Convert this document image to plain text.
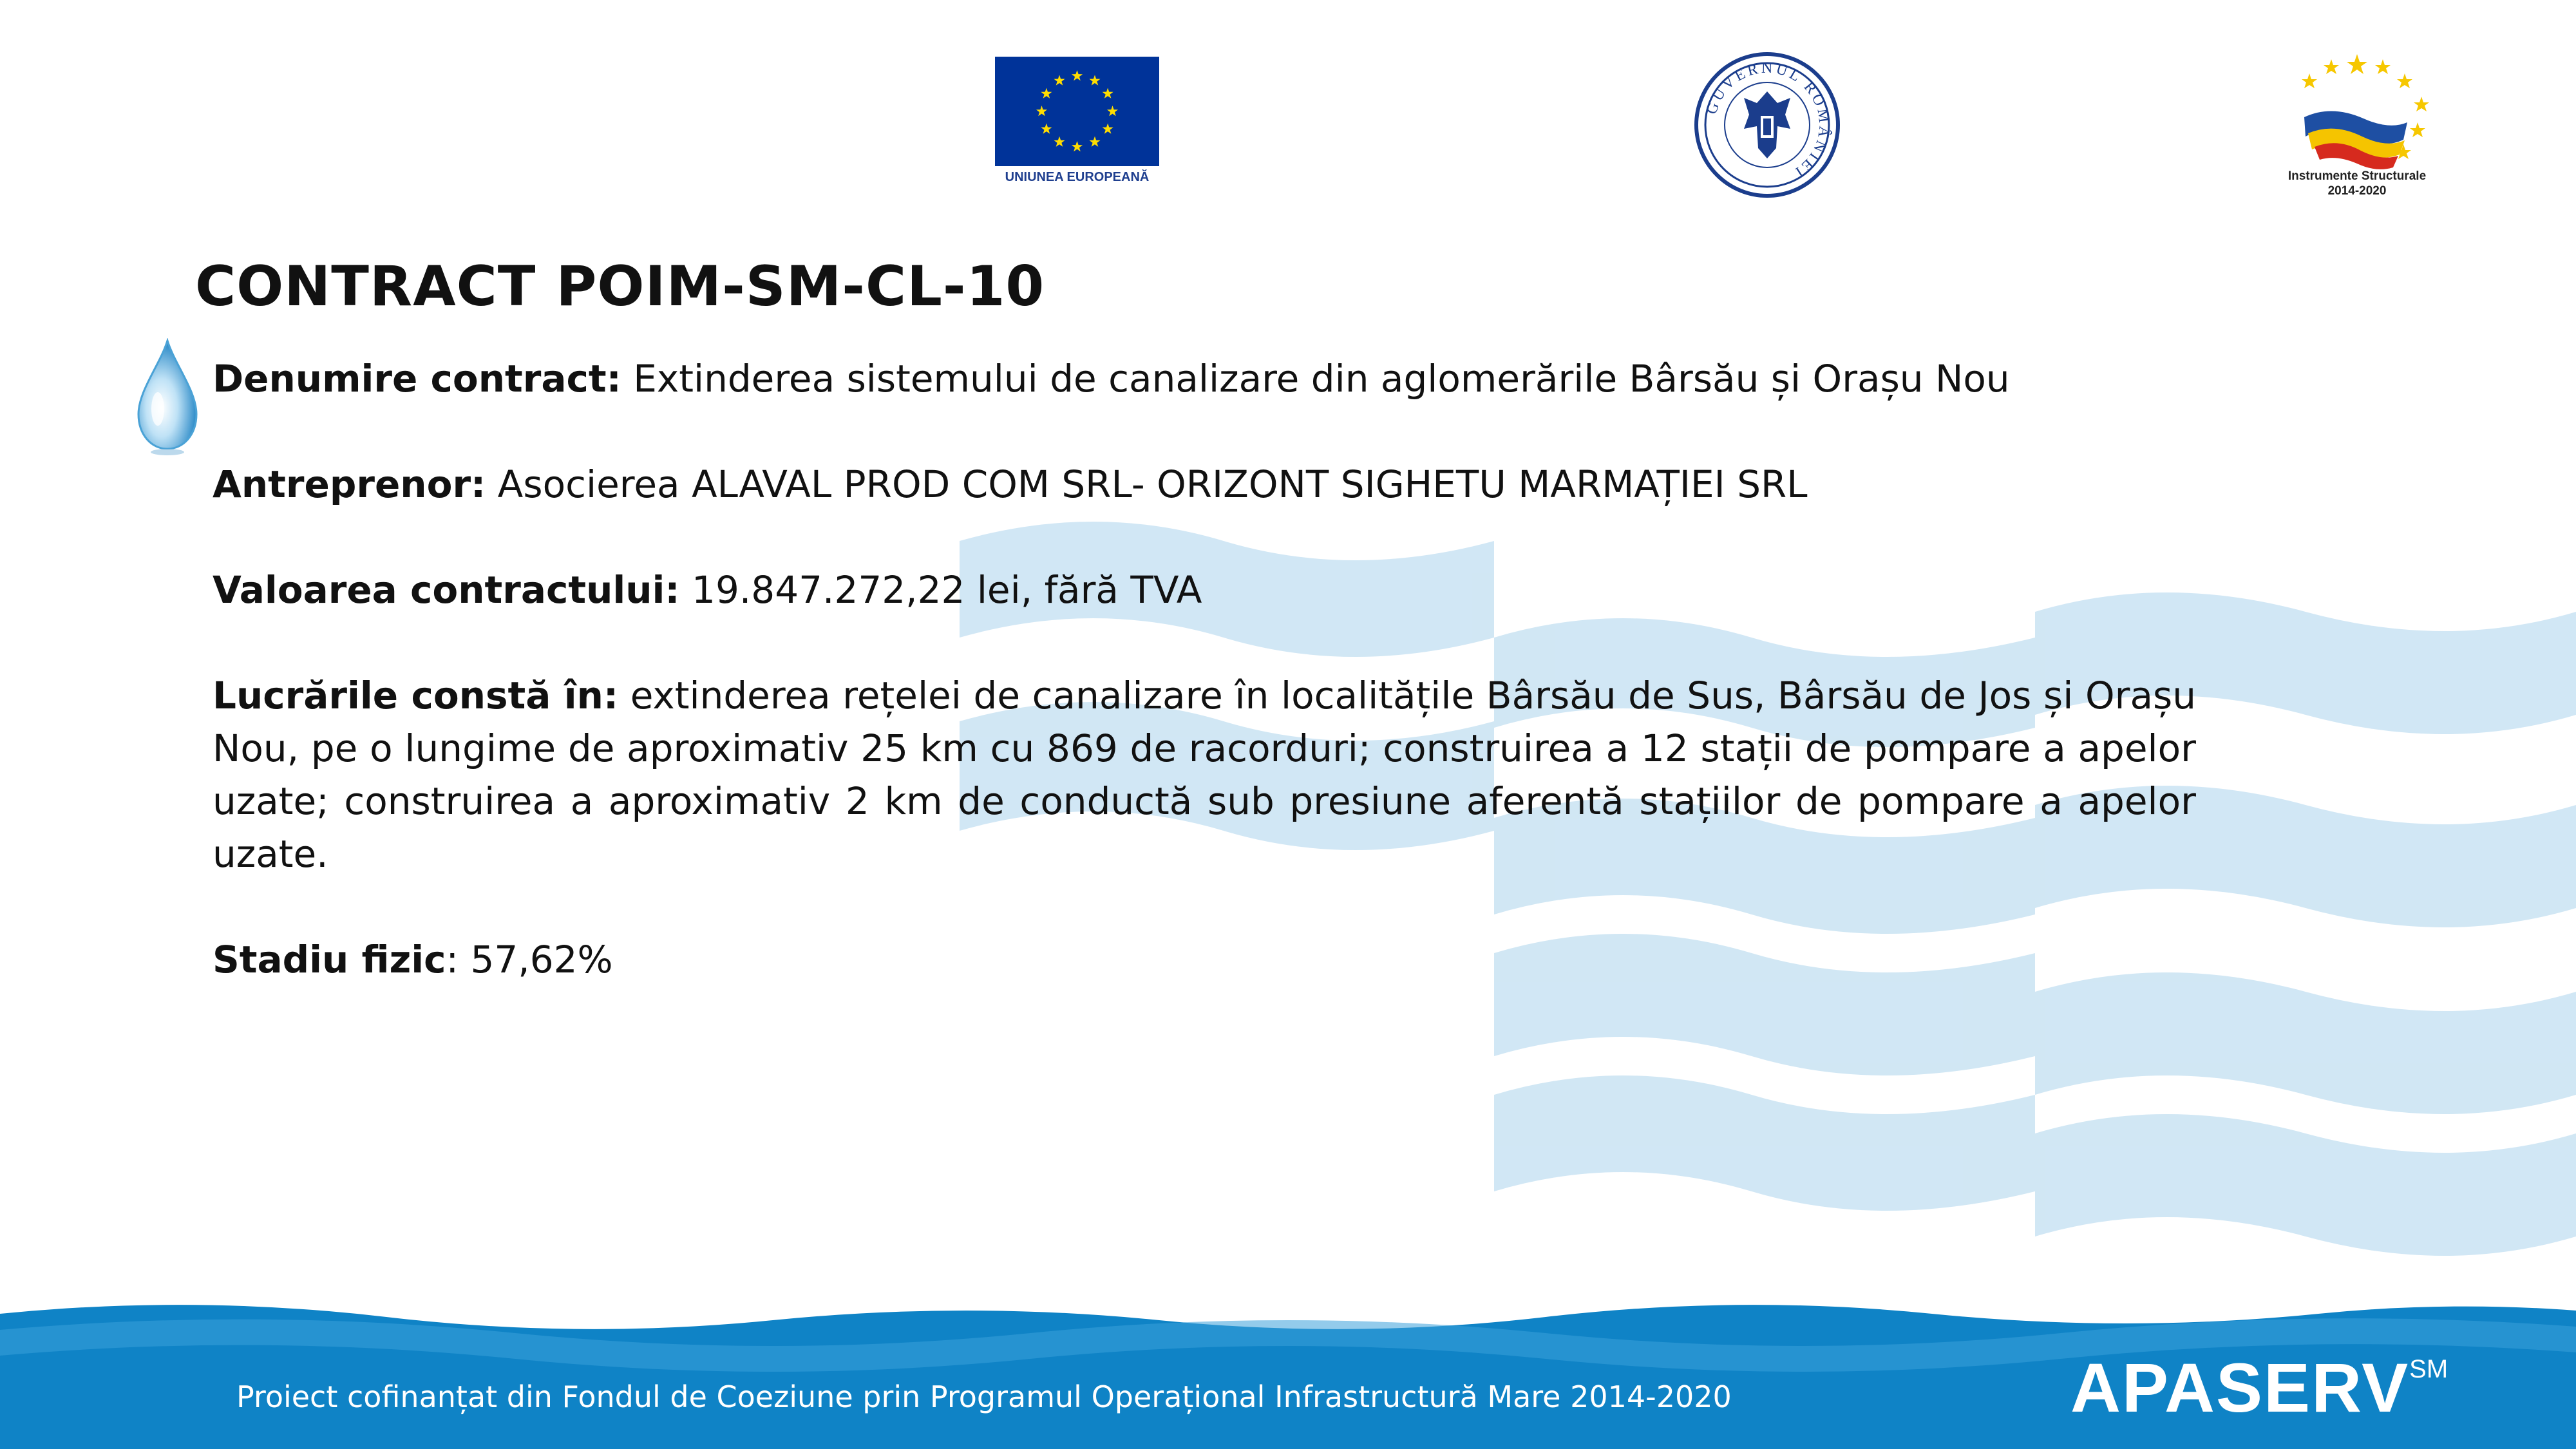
UNIUNEA EUROPEANĂ
GUVERNUL ROMÂNIEI	Instrumente Structurale
2014-2020
CONTRACT POIM-SM-CL-10

Denumire contract: Extinderea sistemului de canalizare din aglomerările Bârsău și Orașu Nou

Antreprenor: Asocierea ALAVAL PROD COM SRL- ORIZONT SIGHETU MARMAȚIEI SRL

Valoarea contractului: 19.847.272,22 lei, fără TVA

Lucrările constă în: extinderea rețelei de canalizare în localitățile Bârsău de Sus, Bârsău de Jos și Orașu Nou, pe o lungime de aproximativ 25 km cu 869 de racorduri; construirea a 12 stații de pompare a apelor uzate; construirea a aproximativ 2 km de conductă sub presiune aferentă stațiilor de pompare a apelor uzate.

Stadiu fizic: 57,62%

Proiect cofinanțat din Fondul de Coeziune prin Programul Operațional Infrastructură Mare 2014-2020	APASERV℠
